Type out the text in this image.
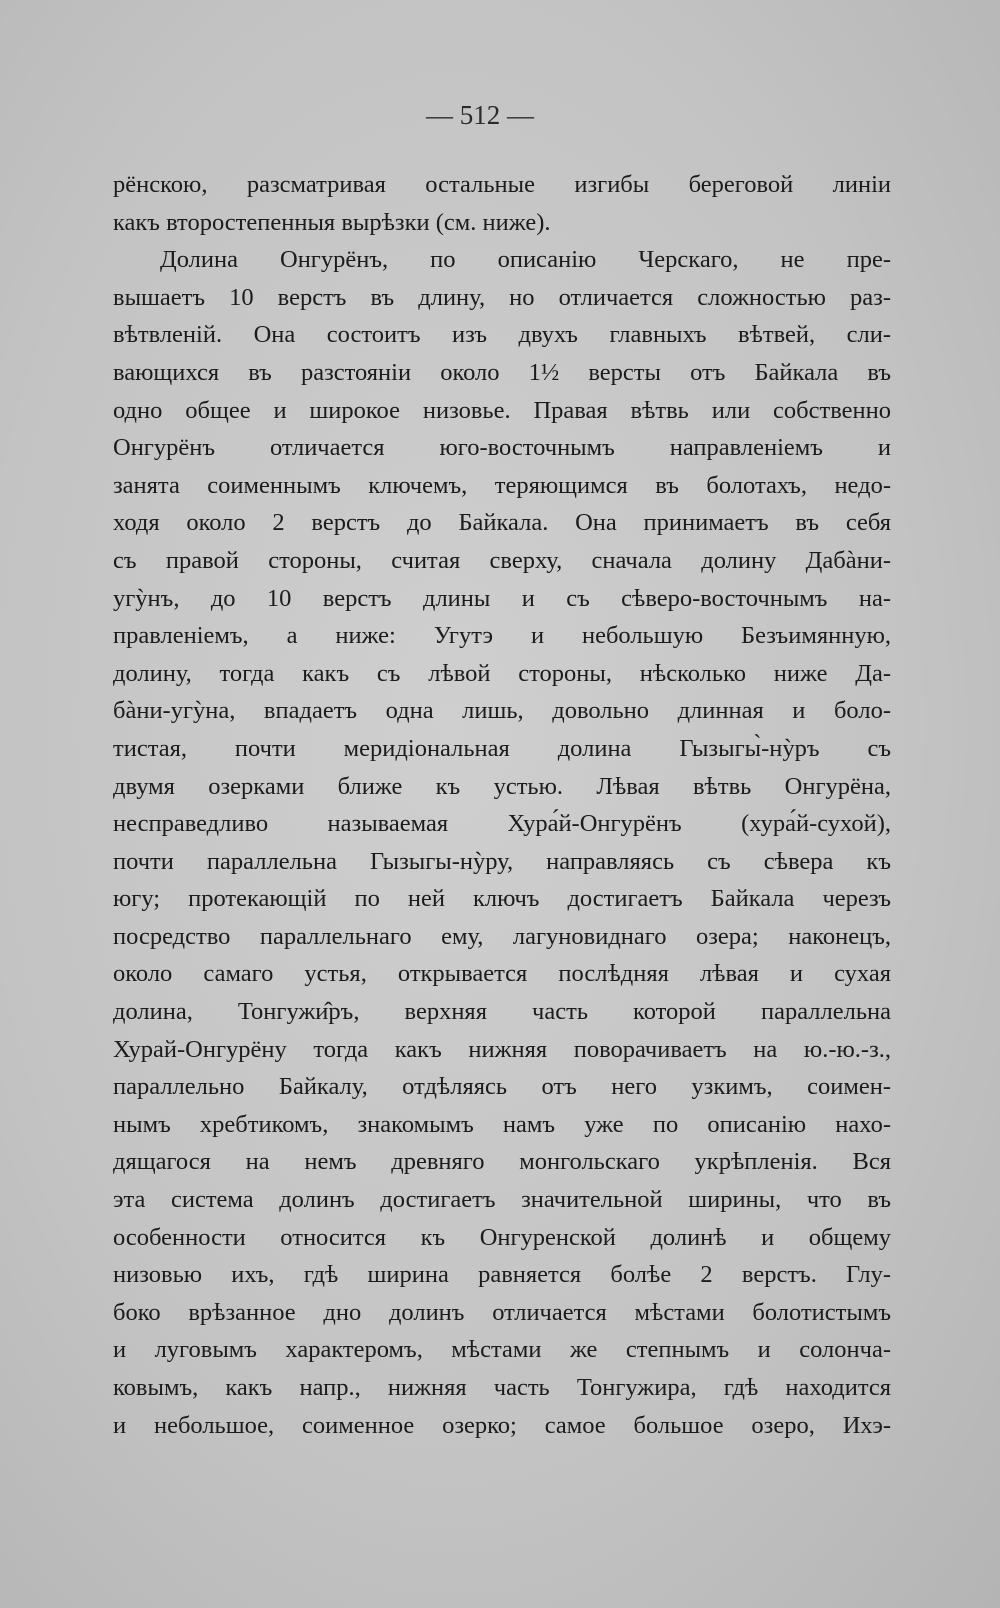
— 512 —
рёнскою, разсматривая остальные изгибы береговой линіи
какъ второстепенныя вырѣзки (см. ниже).
Долина Онгурёнъ, по описанію Черскаго, не пре-
вышаетъ 10 верстъ въ длину, но отличается сложностью раз-
вѣтвленій. Она состоитъ изъ двухъ главныхъ вѣтвей, сли-
вающихся въ разстояніи около 1½ версты отъ Байкала въ
одно общее и широкое низовье. Правая вѣтвь или собственно
Онгурёнъ отличается юго-восточнымъ направленіемъ и
занята соименнымъ ключемъ, теряющимся въ болотахъ, недо-
ходя около 2 верстъ до Байкала. Она принимаетъ въ себя
съ правой стороны, считая сверху, сначала долину Дабàни-
угỳнъ, до 10 верстъ длины и съ сѣверо-восточнымъ на-
правленіемъ, а ниже: Угутэ и небольшую Безъимянную,
долину, тогда какъ съ лѣвой стороны, нѣсколько ниже Да-
бàни-угỳна, впадаетъ одна лишь, довольно длинная и боло-
тистая, почти меридіональная долина Гызыгы̀-нỳръ съ
двумя озерками ближе къ устью. Лѣвая вѣтвь Онгурёна,
несправедливо называемая Хура́й-Онгурёнъ (хура́й-сухой),
почти параллельна Гызыгы-нỳру, направляясь съ сѣвера къ
югу; протекающій по ней ключъ достигаетъ Байкала черезъ
посредство параллельнаго ему, лагуновиднаго озера; наконецъ,
около самаго устья, открывается послѣдняя лѣвая и сухая
долина, Тонгужи̂ръ, верхняя часть которой параллельна
Хурай-Онгурёну тогда какъ нижняя поворачиваетъ на ю.-ю.-з.,
параллельно Байкалу, отдѣляясь отъ него узкимъ, соимен-
нымъ хребтикомъ, знакомымъ намъ уже по описанію нахо-
дящагося на немъ древняго монгольскаго укрѣпленія. Вся
эта система долинъ достигаетъ значительной ширины, что въ
особенности относится къ Онгуренской долинѣ и общему
низовью ихъ, гдѣ ширина равняется болѣе 2 верстъ. Глу-
боко врѣзанное дно долинъ отличается мѣстами болотистымъ
и луговымъ характеромъ, мѣстами же степнымъ и солонча-
ковымъ, какъ напр., нижняя часть Тонгужира, гдѣ находится
и небольшое, соименное озерко; самое большое озеро, Ихэ-
